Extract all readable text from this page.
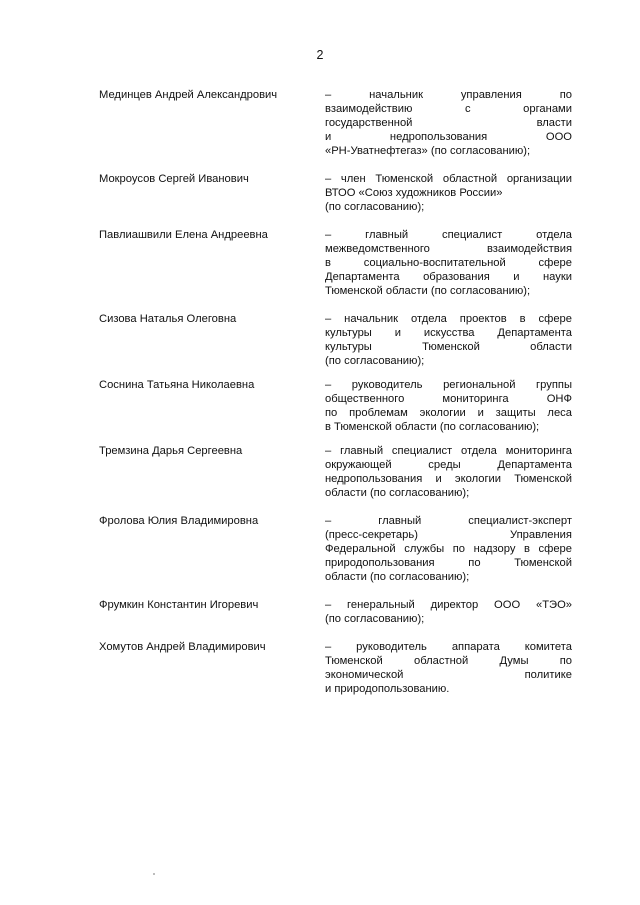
2
Мединцев Андрей Александрович	– начальник управления по
взаимодействию с органами
государственной власти
и недропользования ООО
«РН-Уватнефтегаз» (по согласованию);
Мокроусов Сергей Иванович	– член Тюменской областной организации
ВТОО «Союз художников России»
(по согласованию);
Павлиашвили Елена Андреевна	– главный специалист отдела
межведомственного взаимодействия
в социально-воспитательной сфере
Департамента образования и науки
Тюменской области (по согласованию);
Сизова Наталья Олеговна	– начальник отдела проектов в сфере
культуры и искусства Департамента
культуры Тюменской области
(по согласованию);
Соснина Татьяна Николаевна	– руководитель региональной группы
общественного мониторинга ОНФ
по проблемам экологии и защиты леса
в Тюменской области (по согласованию);
Тремзина Дарья Сергеевна	– главный специалист отдела мониторинга
окружающей среды Департамента
недропользования и экологии Тюменской
области (по согласованию);
Фролова Юлия Владимировна	– главный специалист-эксперт
(пресс-секретарь) Управления
Федеральной службы по надзору в сфере
природопользования по Тюменской
области (по согласованию);
Фрумкин Константин Игоревич	– генеральный директор ООО «ТЭО»
(по согласованию);
Хомутов Андрей Владимирович	– руководитель аппарата комитета
Тюменской областной Думы по
экономической политике
и природопользованию.
